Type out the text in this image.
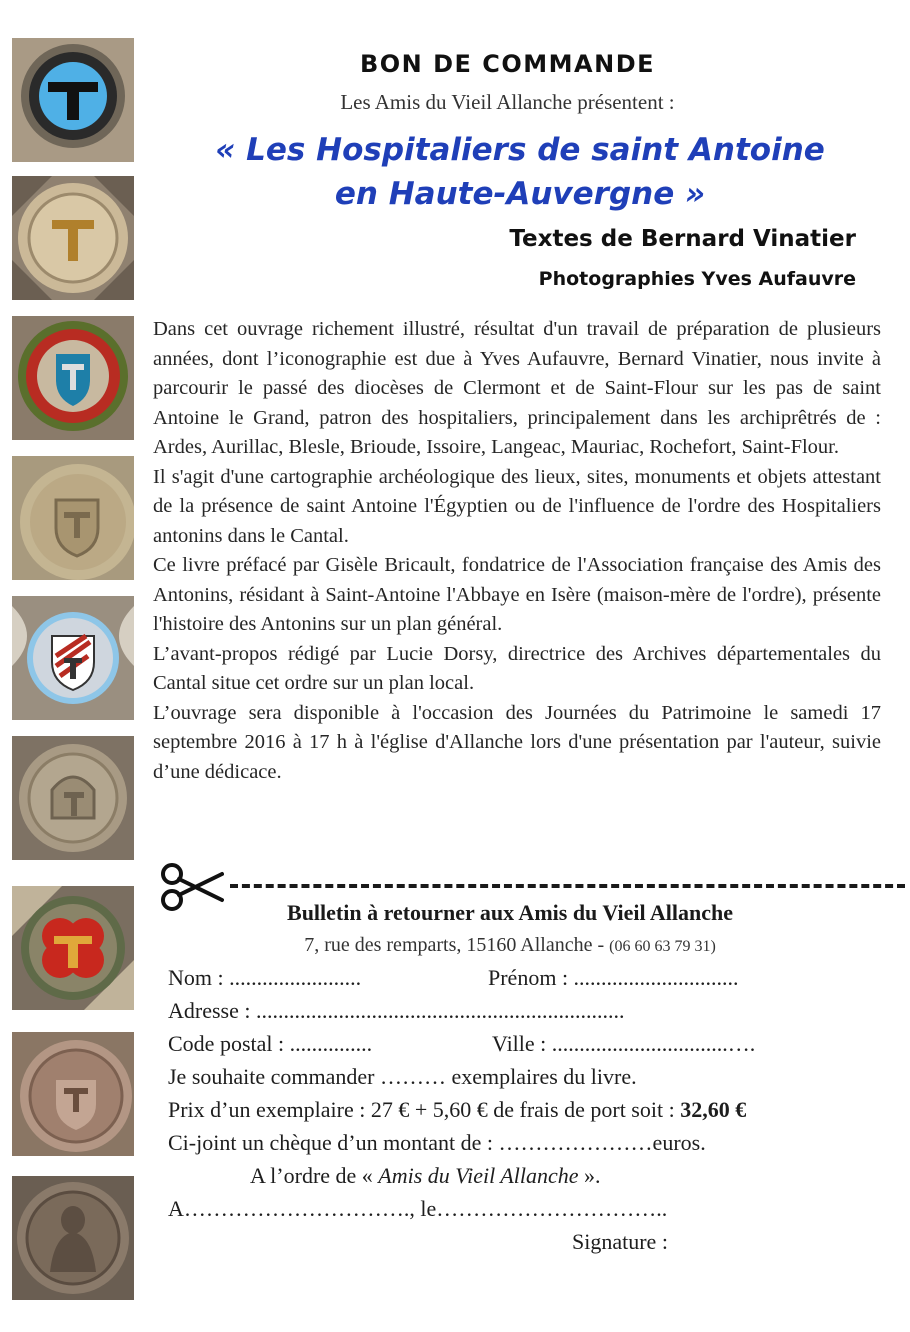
BON DE COMMANDE
Les Amis du Vieil Allanche présentent :
« Les Hospitaliers de saint Antoine
en Haute-Auvergne »
Textes de Bernard Vinatier
Photographies Yves Aufauvre

Dans cet ouvrage richement illustré, résultat d'un travail de préparation de plusieurs années, dont l’iconographie est due à Yves Aufauvre, Bernard Vinatier, nous invite à parcourir le passé des diocèses de Clermont et de Saint-Flour sur les pas de saint Antoine le Grand, patron des hospitaliers, principalement dans les archiprêtrés de : Ardes, Aurillac, Blesle, Brioude, Issoire, Langeac, Mauriac, Rochefort, Saint-Flour.

Il s'agit d'une cartographie archéologique des lieux, sites, monuments et objets attestant de la présence de saint Antoine l'Égyptien ou de l'influence de l'ordre des Hospitaliers antonins dans le Cantal.

Ce livre préfacé par Gisèle Bricault, fondatrice de l'Association française des Amis des Antonins, résidant à Saint-Antoine l'Abbaye en Isère (maison-mère de l'ordre), présente l'histoire des Antonins sur un plan général.

L’avant-propos rédigé par Lucie Dorsy, directrice des Archives départementales du Cantal situe cet ordre sur un plan local.

L’ouvrage sera disponible à l'occasion des Journées du Patrimoine le samedi 17 septembre 2016 à 17 h à l'église d'Allanche lors d'une présentation par l'auteur, suivie d’une dédicace.

Bulletin à retourner aux Amis du Vieil Allanche
7, rue des remparts, 15160 Allanche - (06 60 63 79 31)
Nom : ........................	Prénom : ..............................
Adresse : ...................................................................
Code postal : ...............	Ville : ................................….
Je souhaite commander ……… exemplaires du livre.
Prix d’un exemplaire : 27 € + 5,60 € de frais de port soit : 32,60 €
Ci-joint un chèque d’un montant de : …………………euros.
A l’ordre de « Amis du Vieil Allanche ».
A…………………………., le…………………………..
Signature :
